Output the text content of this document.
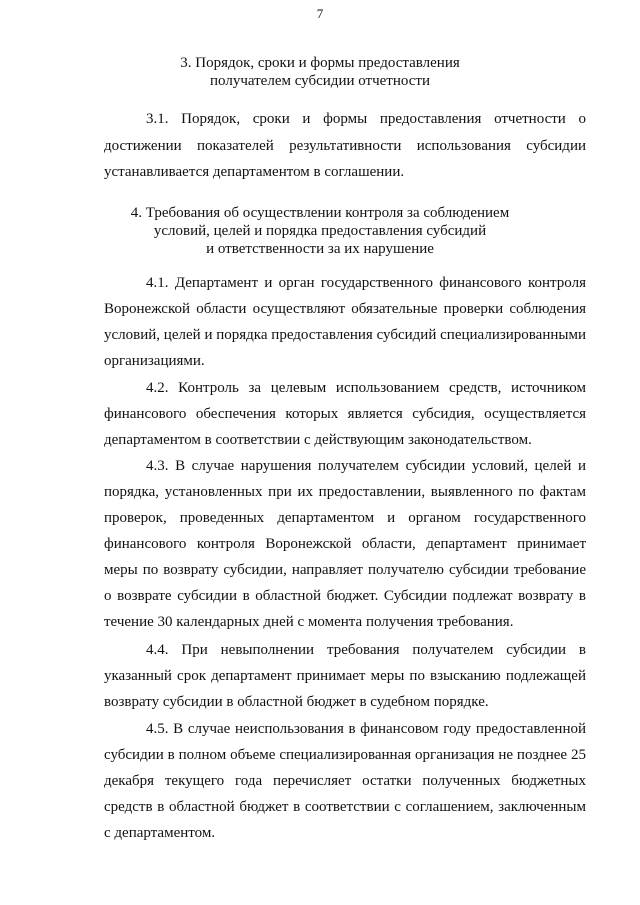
7
3. Порядок, сроки и формы предоставления
получателем субсидии отчетности

3.1. Порядок, сроки и формы предоставления отчетности о достижении показателей результативности использования субсидии устанавливается департаментом в соглашении.

4. Требования об осуществлении контроля за соблюдением
условий, целей и порядка предоставления субсидий
и ответственности за их нарушение

4.1. Департамент и орган государственного финансового контроля Воронежской области осуществляют обязательные проверки соблюдения условий, целей и порядка предоставления субсидий специализированными организациями.

4.2. Контроль за целевым использованием средств, источником финансового обеспечения которых является субсидия, осуществляется департаментом в соответствии с действующим законодательством.

4.3. В случае нарушения получателем субсидии условий, целей и порядка, установленных при их предоставлении, выявленного по фактам проверок, проведенных департаментом и органом государственного финансового контроля Воронежской области, департамент принимает меры по возврату субсидии, направляет получателю субсидии требование о возврате субсидии в областной бюджет. Субсидии подлежат возврату в течение 30 календарных дней с момента получения требования.

4.4. При невыполнении требования получателем субсидии в указанный срок департамент принимает меры по взысканию подлежащей возврату субсидии в областной бюджет в судебном порядке.

4.5. В случае неиспользования в финансовом году предоставленной субсидии в полном объеме специализированная организация не позднее 25 декабря текущего года перечисляет остатки полученных бюджетных средств в областной бюджет в соответствии с соглашением, заключенным с департаментом.
